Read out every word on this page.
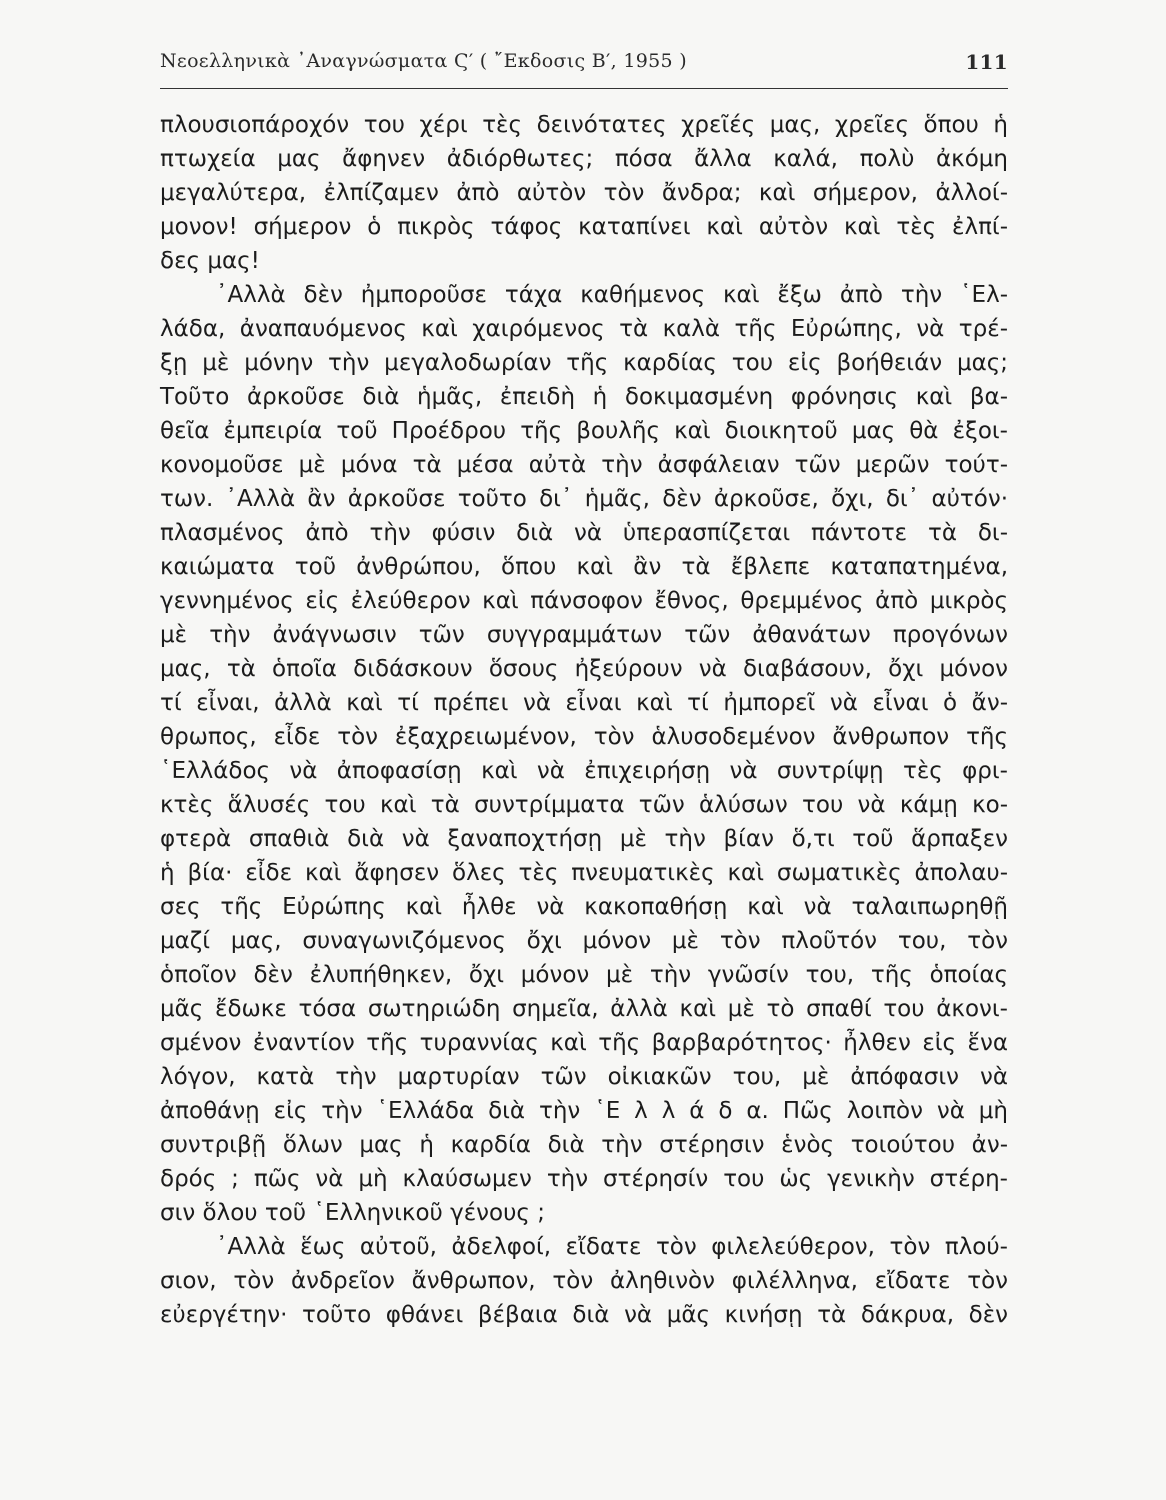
Νεοελληνικὰ ᾿Αναγνώσματα Ϛ′ ( ῎Εκδοσις Β′, 1955 )	111
πλουσιοπάροχόν του χέρι τὲς δεινότατες χρεῖές μας, χρεῖες ὅπου ἡ
πτωχεία μας ἄφηνεν ἀδιόρθωτες; πόσα ἄλλα καλά, πολὺ ἀκόμη
μεγαλύτερα, ἐλπίζαμεν ἀπὸ αὐτὸν τὸν ἄνδρα; καὶ σήμερον, ἀλλοί-
μονον! σήμερον ὁ πικρὸς τάφος καταπίνει καὶ αὐτὸν καὶ τὲς ἐλπί-
δες μας!
᾿Αλλὰ δὲν ἠμποροῦσε τάχα καθήμενος καὶ ἔξω ἀπὸ τὴν ῾Ελ-
λάδα, ἀναπαυόμενος καὶ χαιρόμενος τὰ καλὰ τῆς Εὐρώπης, νὰ τρέ-
ξῃ μὲ μόνην τὴν μεγαλοδωρίαν τῆς καρδίας του εἰς βοήθειάν μας;
Τοῦτο ἀρκοῦσε διὰ ἡμᾶς, ἐπειδὴ ἡ δοκιμασμένη φρόνησις καὶ βα-
θεῖα ἐμπειρία τοῦ Προέδρου τῆς βουλῆς καὶ διοικητοῦ μας θὰ ἐξοι-
κονομοῦσε μὲ μόνα τὰ μέσα αὐτὰ τὴν ἀσφάλειαν τῶν μερῶν τούτ-
των. ᾿Αλλὰ ἂν ἀρκοῦσε τοῦτο δι᾿ ἡμᾶς, δὲν ἀρκοῦσε, ὄχι, δι᾿ αὐτόν·
πλασμένος ἀπὸ τὴν φύσιν διὰ νὰ ὑπερασπίζεται πάντοτε τὰ δι-
καιώματα τοῦ ἀνθρώπου, ὅπου καὶ ἂν τὰ ἔβλεπε καταπατημένα,
γεννημένος εἰς ἐλεύθερον καὶ πάνσοφον ἔθνος, θρεμμένος ἀπὸ μικρὸς
μὲ τὴν ἀνάγνωσιν τῶν συγγραμμάτων τῶν ἀθανάτων προγόνων
μας, τὰ ὁποῖα διδάσκουν ὅσους ἠξεύρουν νὰ διαβάσουν, ὄχι μόνον
τί εἶναι, ἀλλὰ καὶ τί πρέπει νὰ εἶναι καὶ τί ἠμπορεῖ νὰ εἶναι ὁ ἄν-
θρωπος, εἶδε τὸν ἐξαχρειωμένον, τὸν ἁλυσοδεμένον ἄνθρωπον τῆς
῾Ελλάδος νὰ ἀποφασίσῃ καὶ νὰ ἐπιχειρήσῃ νὰ συντρίψῃ τὲς φρι-
κτὲς ἅλυσές του καὶ τὰ συντρίμματα τῶν ἁλύσων του νὰ κάμῃ κο-
φτερὰ σπαθιὰ διὰ νὰ ξαναποχτήσῃ μὲ τὴν βίαν ὅ,τι τοῦ ἅρπαξεν
ἡ βία· εἶδε καὶ ἄφησεν ὅλες τὲς πνευματικὲς καὶ σωματικὲς ἀπολαυ-
σες τῆς Εὐρώπης καὶ ἦλθε νὰ κακοπαθήσῃ καὶ νὰ ταλαιπωρηθῇ
μαζί μας, συναγωνιζόμενος ὄχι μόνον μὲ τὸν πλοῦτόν του, τὸν
ὁποῖον δὲν ἐλυπήθηκεν, ὄχι μόνον μὲ τὴν γνῶσίν του, τῆς ὁποίας
μᾶς ἔδωκε τόσα σωτηριώδη σημεῖα, ἀλλὰ καὶ μὲ τὸ σπαθί του ἀκονι-
σμένον ἐναντίον τῆς τυραννίας καὶ τῆς βαρβαρότητος· ἦλθεν εἰς ἕνα
λόγον, κατὰ τὴν μαρτυρίαν τῶν οἰκιακῶν του, μὲ ἀπόφασιν νὰ
ἀποθάνῃ εἰς τὴν ῾Ελλάδα διὰ τὴν ῾Ε λ λ ά δ α. Πῶς λοιπὸν νὰ μὴ
συντριβῇ ὅλων μας ἡ καρδία διὰ τὴν στέρησιν ἑνὸς τοιούτου ἀν-
δρός ; πῶς νὰ μὴ κλαύσωμεν τὴν στέρησίν του ὡς γενικὴν στέρη-
σιν ὅλου τοῦ ῾Ελληνικοῦ γένους ;
᾿Αλλὰ ἕως αὐτοῦ, ἀδελφοί, εἴδατε τὸν φιλελεύθερον, τὸν πλού-
σιον, τὸν ἀνδρεῖον ἄνθρωπον, τὸν ἀληθινὸν φιλέλληνα, εἴδατε τὸν
εὐεργέτην· τοῦτο φθάνει βέβαια διὰ νὰ μᾶς κινήσῃ τὰ δάκρυα, δὲν
